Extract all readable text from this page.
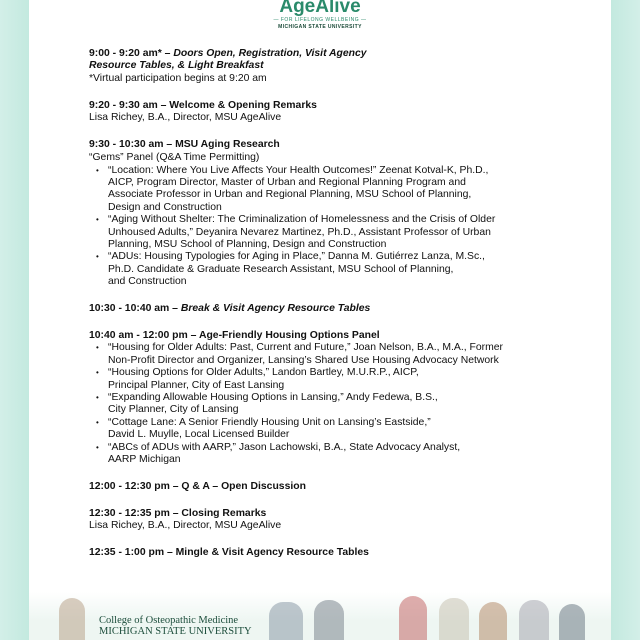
AgeAlive
— FOR LIFELONG WELLBEING —
MICHIGAN STATE UNIVERSITY
9:00 - 9:20 am* – Doors Open, Registration, Visit Agency
Resource Tables, & Light Breakfast
*Virtual participation begins at 9:20 am
9:20 - 9:30 am – Welcome & Opening Remarks
Lisa Richey, B.A., Director, MSU AgeAlive
9:30 - 10:30 am – MSU Aging Research
“Gems” Panel (Q&A Time Permitting)
• “Location: Where You Live Affects Your Health Outcomes!” Zeenat Kotval-K, Ph.D.,
AICP, Program Director, Master of Urban and Regional Planning Program and
Associate Professor in Urban and Regional Planning, MSU School of Planning,
Design and Construction
• “Aging Without Shelter: The Criminalization of Homelessness and the Crisis of Older
Unhoused Adults,” Deyanira Nevarez Martinez, Ph.D., Assistant Professor of Urban
Planning, MSU School of Planning, Design and Construction
• “ADUs: Housing Typologies for Aging in Place,” Danna M. Gutiérrez Lanza, M.Sc.,
Ph.D. Candidate & Graduate Research Assistant, MSU School of Planning,
and Construction
10:30 - 10:40 am – Break & Visit Agency Resource Tables
10:40 am - 12:00 pm – Age-Friendly Housing Options Panel
• “Housing for Older Adults: Past, Current and Future,” Joan Nelson, B.A., M.A., Former
Non-Profit Director and Organizer, Lansing’s Shared Use Housing Advocacy Network
• “Housing Options for Older Adults,” Landon Bartley, M.U.R.P., AICP,
Principal Planner, City of East Lansing
• “Expanding Allowable Housing Options in Lansing,” Andy Fedewa, B.S.,
City Planner, City of Lansing
• “Cottage Lane: A Senior Friendly Housing Unit on Lansing’s Eastside,”
David L. Muylle, Local Licensed Builder
• “ABCs of ADUs with AARP,” Jason Lachowski, B.A., State Advocacy Analyst,
AARP Michigan
12:00 - 12:30 pm – Q & A – Open Discussion
12:30 - 12:35 pm – Closing Remarks
Lisa Richey, B.A., Director, MSU AgeAlive
12:35 - 1:00 pm – Mingle & Visit Agency Resource Tables
College of Osteopathic Medicine
MICHIGAN STATE UNIVERSITY
